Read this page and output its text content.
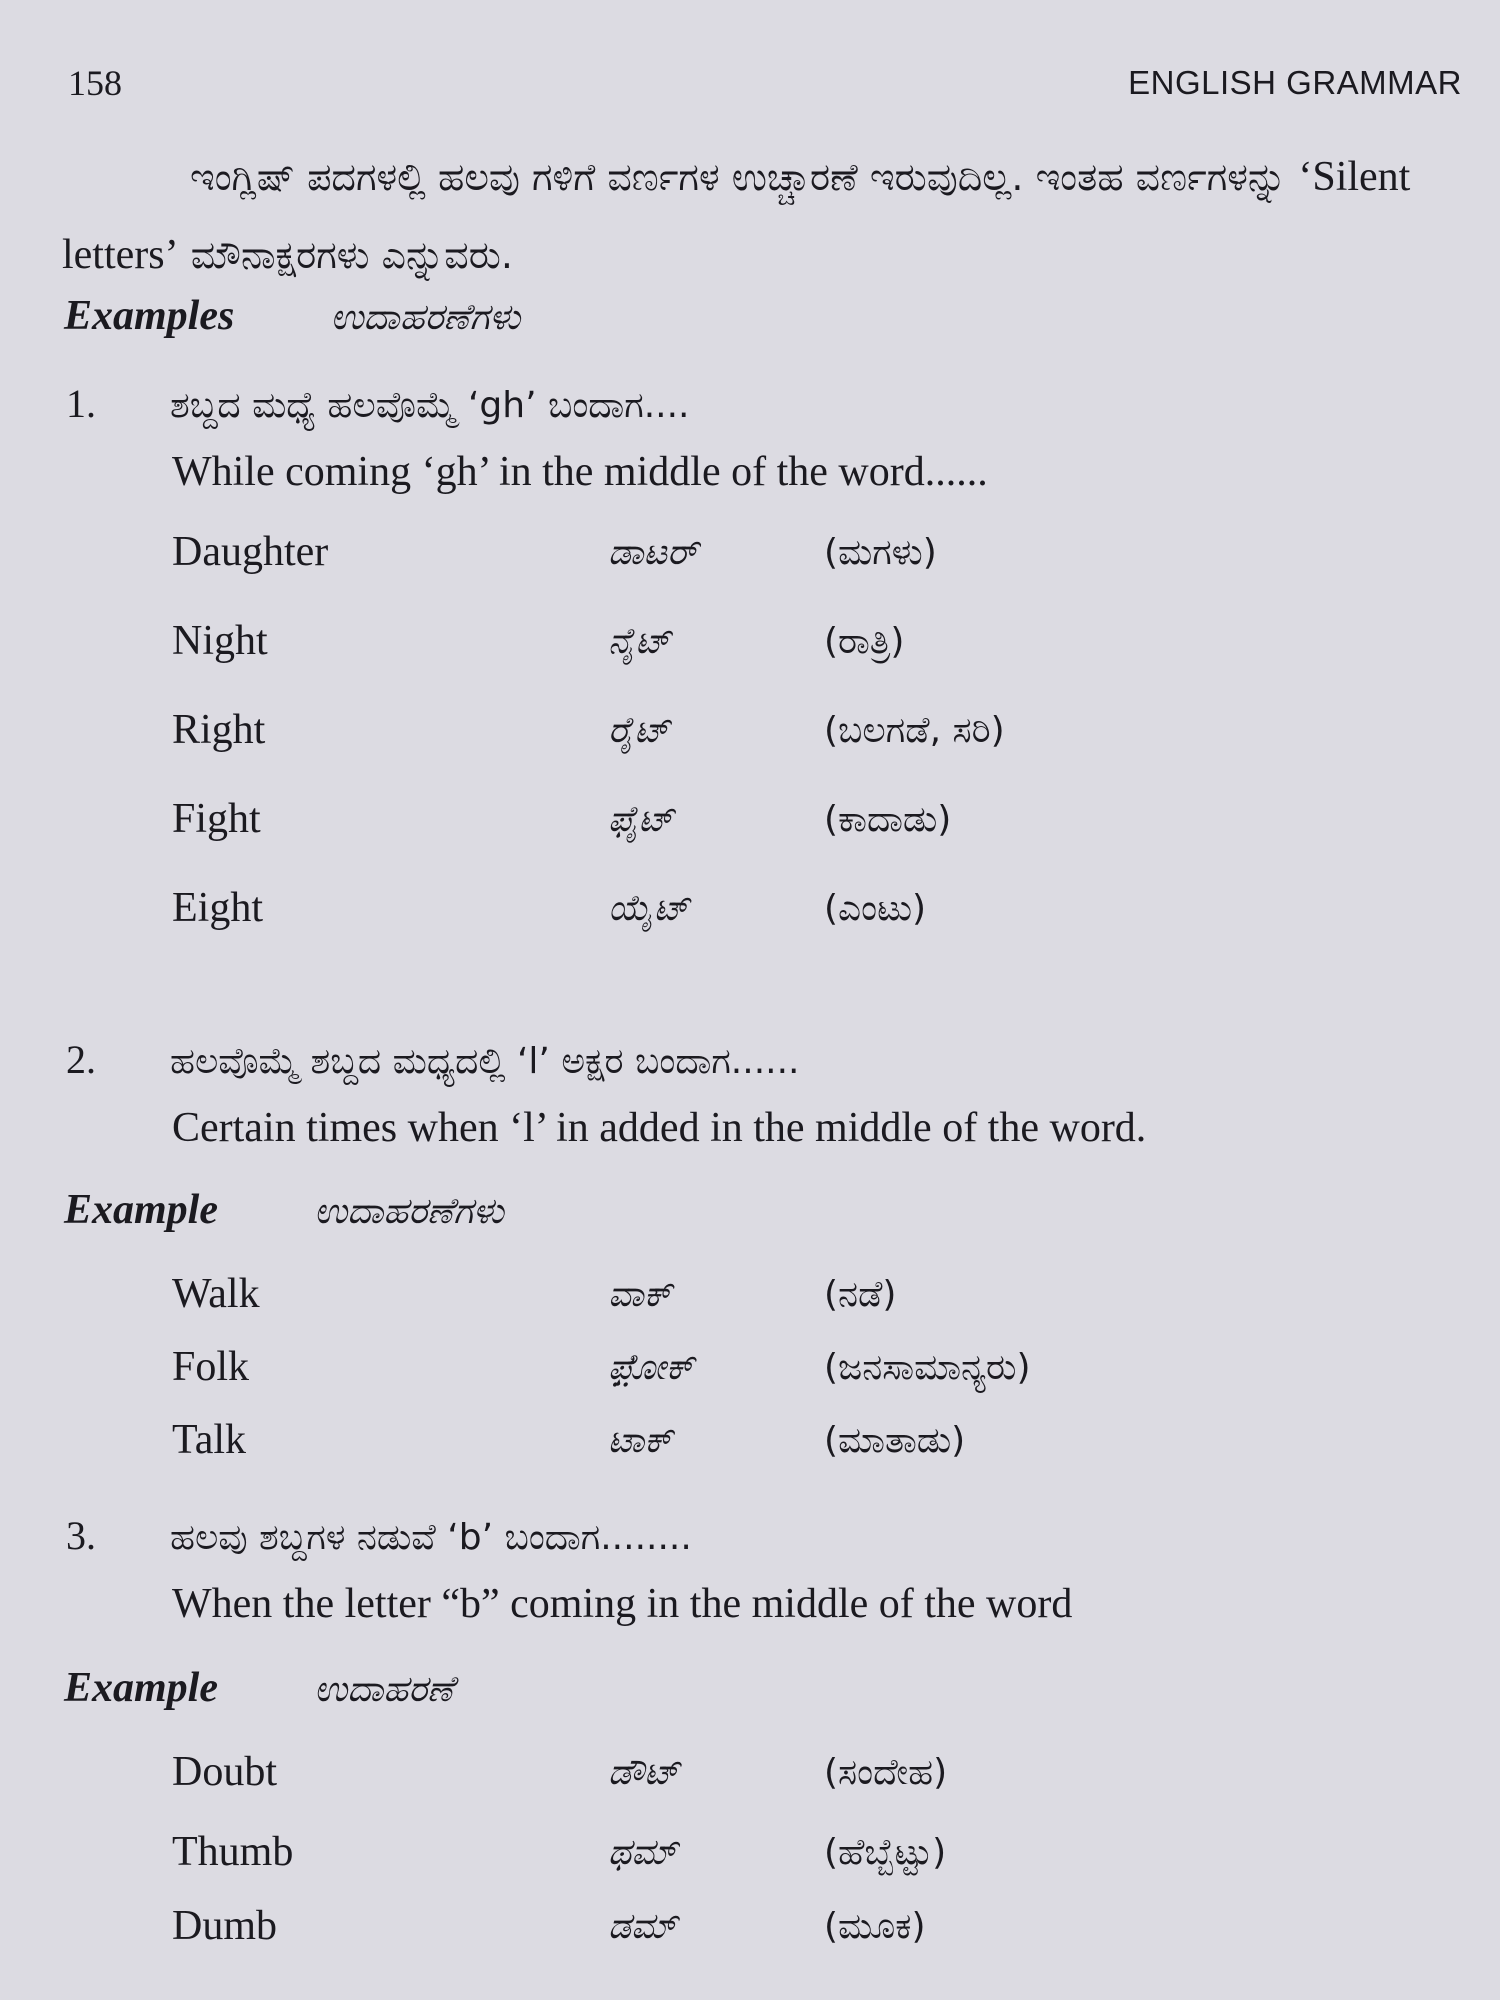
158	ENGLISH GRAMMAR
ಇಂಗ್ಲಿಷ್ ಪದಗಳಲ್ಲಿ ಹಲವು ಗಳಿಗೆ ವರ್ಣಗಳ ಉಚ್ಚಾರಣೆ ಇರುವುದಿಲ್ಲ. ಇಂತಹ ವರ್ಣಗಳನ್ನು ‘Silent letters’ ಮೌನಾಕ್ಷರಗಳು ಎನ್ನುವರು.
Examples	ಉದಾಹರಣೆಗಳು
1. ಶಬ್ದದ ಮಧ್ಯೆ ಹಲವೊಮ್ಮೆ ‘gh’ ಬಂದಾಗ....
While coming ‘gh’ in the middle of the word......
Daughter	ಡಾಟರ್	(ಮಗಳು)
Night	ನೈಟ್	(ರಾತ್ರಿ)
Right	ರೈಟ್	(ಬಲಗಡೆ, ಸರಿ)
Fight	ಫೈಟ್	(ಕಾದಾಡು)
Eight	ಯೈಟ್	(ಎಂಟು)
2. ಹಲವೊಮ್ಮೆ ಶಬ್ದದ ಮಧ್ಯದಲ್ಲಿ ‘l’ ಅಕ್ಷರ ಬಂದಾಗ......
Certain times when ‘l’ in added in the middle of the word.
Example	ಉದಾಹರಣೆಗಳು
Walk	ವಾಕ್	(ನಡೆ)
Folk	ಫ಼ೋಕ್	(ಜನಸಾಮಾನ್ಯರು)
Talk	ಟಾಕ್	(ಮಾತಾಡು)
3. ಹಲವು ಶಬ್ದಗಳ ನಡುವೆ ‘b’ ಬಂದಾಗ........
When the letter “b” coming in the middle of the word
Example	ಉದಾಹರಣೆ
Doubt	ಡೌಟ್	(ಸಂದೇಹ)
Thumb	ಥಮ್	(ಹೆಬ್ಬೆಟ್ಟು)
Dumb	ಡಮ್	(ಮೂಕ)
